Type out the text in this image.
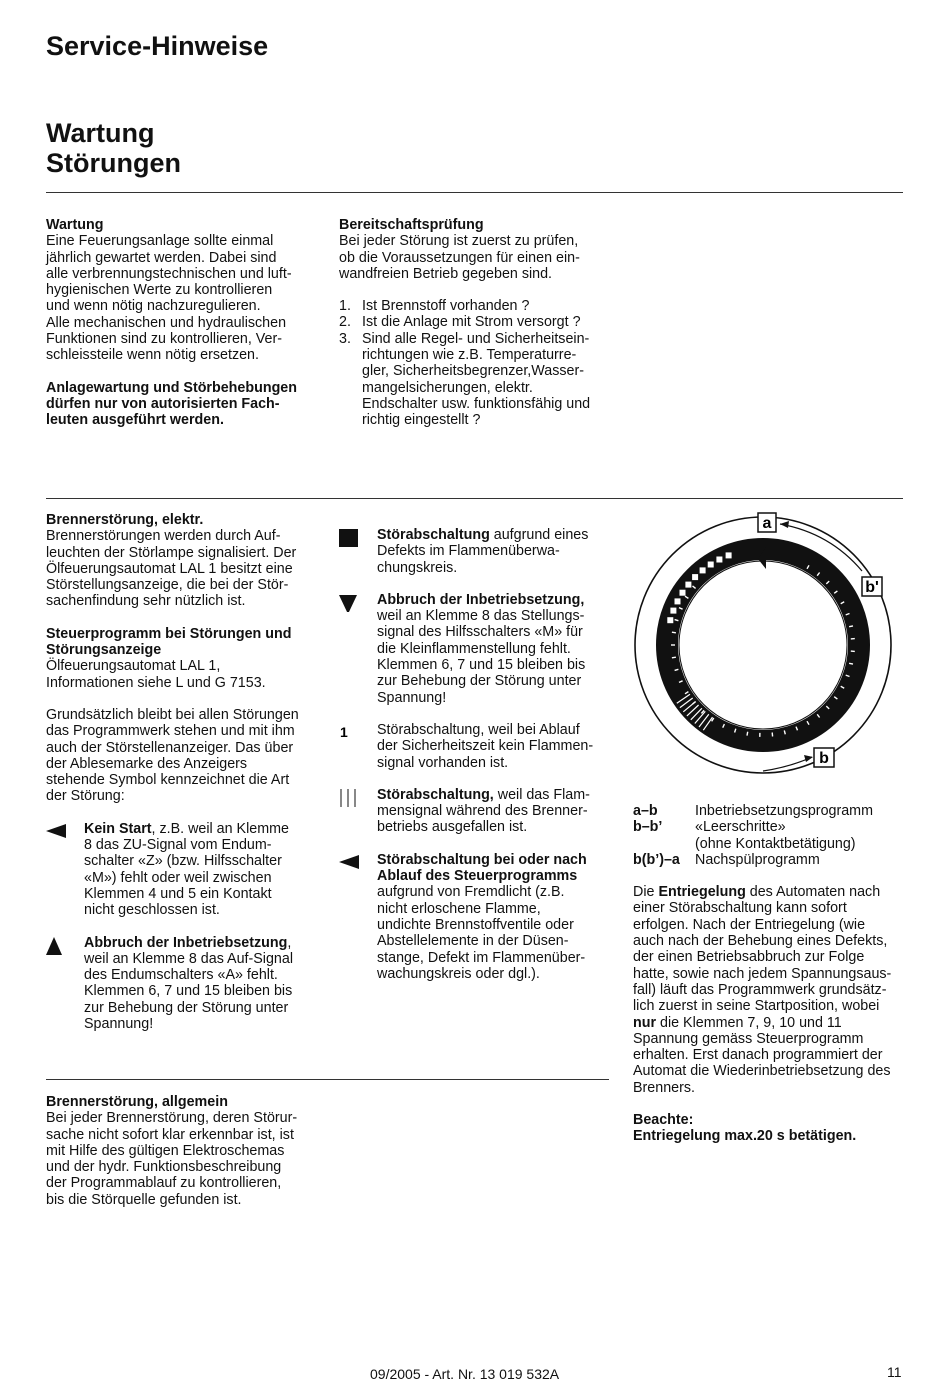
Service-Hinweise
Wartung
Störungen

Wartung

Eine Feuerungsanlage sollte einmal
jährlich gewartet werden. Dabei sind
alle verbrennungstechnischen und luft-
hygienischen Werte zu kontrollieren
und wenn nötig nachzuregulieren.
Alle mechanischen und hydraulischen
Funktionen sind zu kontrollieren, Ver-
schleissteile wenn nötig ersetzen.
Anlagewartung und Störbehebungen
dürfen nur von autorisierten Fach-
leuten ausgeführt werden.

Bereitschaftsprüfung

Bei jeder Störung ist zuerst zu prüfen,
ob die Voraussetzungen für einen ein-
wandfreien Betrieb gegeben sind.
1. Ist Brennstoff vorhanden ?
2. Ist die Anlage mit Strom versorgt ?
3. Sind alle Regel- und Sicherheitsein-
richtungen wie z.B. Temperaturre-
gler, Sicherheitsbegrenzer,Wasser-
mangelsicherungen, elektr.
Endschalter usw. funktionsfähig und
richtig eingestellt ?

Brennerstörung, elektr.

Brennerstörungen werden durch Auf-
leuchten der Störlampe signalisiert. Der
Ölfeuerungsautomat LAL 1 besitzt eine
Störstellungsanzeige, die bei der Stör-
sachenfindung sehr nützlich ist.
Steuerprogramm bei Störungen und
Störungsanzeige
Ölfeuerungsautomat LAL 1,
Informationen siehe L und G 7153.
Grundsätzlich bleibt bei allen Störungen
das Programmwerk stehen und mit ihm
auch der Störstellenanzeiger. Das über
der Ablesemarke des Anzeigers
stehende Symbol kennzeichnet die Art
der Störung:
Kein Start, z.B. weil an Klemme
8 das ZU-Signal vom Endum-
schalter «Z» (bzw. Hilfsschalter
«M») fehlt oder weil zwischen
Klemmen 4 und 5 ein Kontakt
nicht geschlossen ist.
Abbruch der Inbetriebsetzung,
weil an Klemme 8 das Auf-Signal
des Endumschalters «A» fehlt.
Klemmen 6, 7 und 15 bleiben bis
zur Behebung der Störung unter
Spannung!
Störabschaltung aufgrund eines
Defekts im Flammenüberwa-
chungskreis.
Abbruch der Inbetriebsetzung,
weil an Klemme 8 das Stellungs-
signal des Hilfsschalters «M» für
die Kleinflammenstellung fehlt.
Klemmen 6, 7 und 15 bleiben bis
zur Behebung der Störung unter
Spannung!
1 Störabschaltung, weil bei Ablauf
der Sicherheitszeit kein Flammen-
signal vorhanden ist.
Störabschaltung, weil das Flam-
mensignal während des Brenner-
betriebs ausgefallen ist.
Störabschaltung bei oder nach
Ablauf des Steuerprogramms
aufgrund von Fremdlicht (z.B.
nicht erloschene Flamme,
undichte Brennstoffventile oder
Abstellelemente in der Düsen-
stange, Defekt im Flammenüber-
wachungskreis oder dgl.).
a
b'
b
a–b	Inbetriebsetzungsprogramm

b–b’	«Leerschritte»
(ohne Kontaktbetätigung)

b(b’)–a	Nachspülprogramm

Die Entriegelung des Automaten nach

einer Störabschaltung kann sofort
erfolgen. Nach der Entriegelung (wie
auch nach der Behebung eines Defekts,
der einen Betriebsabbruch zur Folge
hatte, sowie nach jedem Spannungsaus-
fall) läuft das Programmwerk grundsätz-
lich zuerst in seine Startposition, wobei

nur die Klemmen 7, 9, 10 und 11

Spannung gemäss Steuerprogramm
erhalten. Erst danach programmiert der
Automat die Wiederinbetriebsetzung des
Brenners.

Beachte:

Entriegelung max.20 s betätigen.

Brennerstörung, allgemein

Bei jeder Brennerstörung, deren Störur-
sache nicht sofort klar erkennbar ist, ist
mit Hilfe des gültigen Elektroschemas
und der hydr. Funktionsbeschreibung
der Programmablauf zu kontrollieren,
bis die Störquelle gefunden ist.
09/2005 - Art. Nr. 13 019 532A	11
